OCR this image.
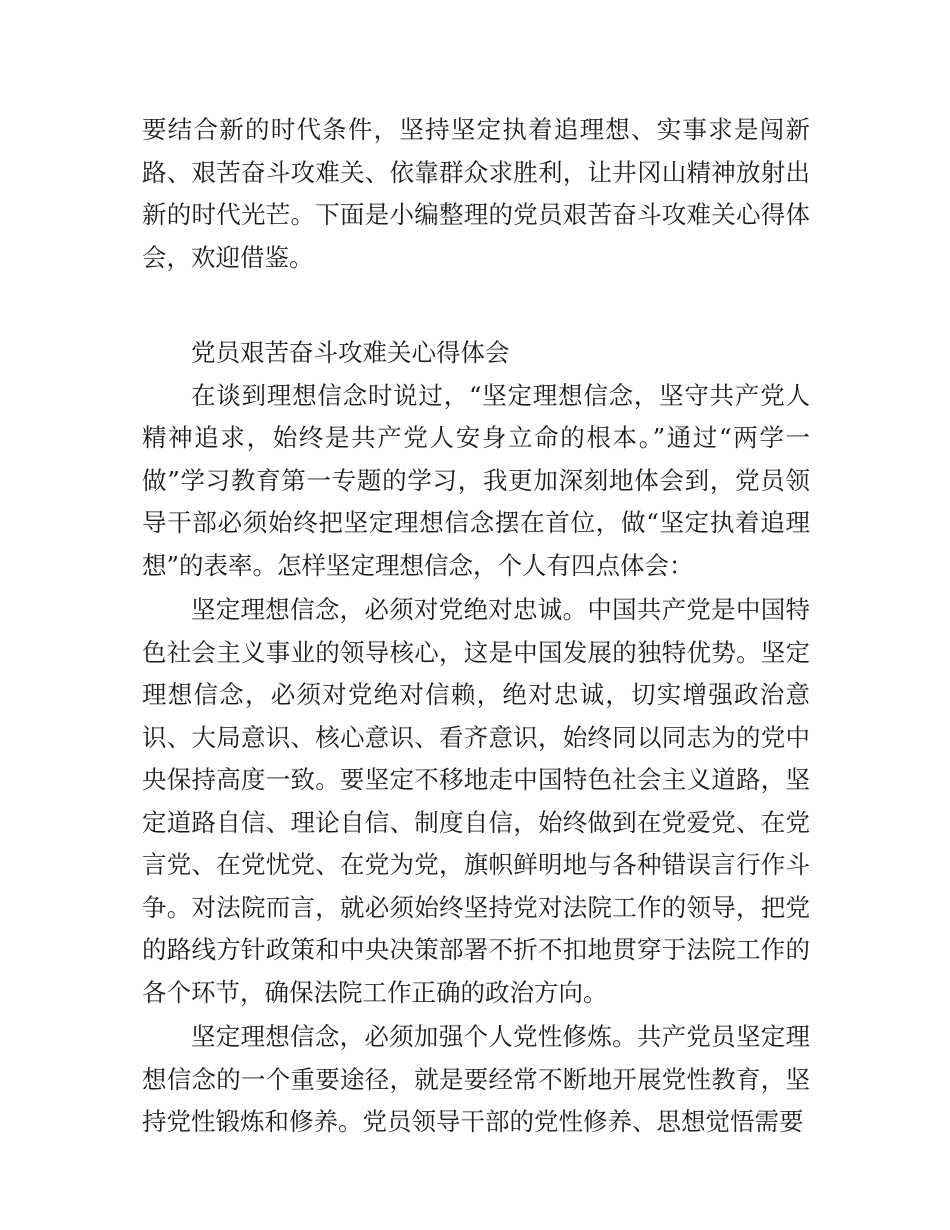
要结合新的时代条件，坚持坚定执着追理想、实事求是闯新路、艰苦奋斗攻难关、依靠群众求胜利，让井冈山精神放射出新的时代光芒。下面是小编整理的党员艰苦奋斗攻难关心得体会，欢迎借鉴。

党员艰苦奋斗攻难关心得体会

在谈到理想信念时说过，“坚定理想信念，坚守共产党人精神追求，始终是共产党人安身立命的根本。”通过“两学一做”学习教育第一专题的学习，我更加深刻地体会到，党员领导干部必须始终把坚定理想信念摆在首位，做“坚定执着追理想”的表率。怎样坚定理想信念，个人有四点体会：

坚定理想信念，必须对党绝对忠诚。中国共产党是中国特色社会主义事业的领导核心，这是中国发展的独特优势。坚定理想信念，必须对党绝对信赖，绝对忠诚，切实增强政治意识、大局意识、核心意识、看齐意识，始终同以同志为的党中央保持高度一致。要坚定不移地走中国特色社会主义道路，坚定道路自信、理论自信、制度自信，始终做到在党爱党、在党言党、在党忧党、在党为党，旗帜鲜明地与各种错误言行作斗争。对法院而言，就必须始终坚持党对法院工作的领导，把党的路线方针政策和中央决策部署不折不扣地贯穿于法院工作的各个环节，确保法院工作正确的政治方向。

坚定理想信念，必须加强个人党性修炼。共产党员坚定理想信念的一个重要途径，就是要经常不断地开展党性教育，坚持党性锻炼和修养。党员领导干部的党性修养、思想觉悟需要
